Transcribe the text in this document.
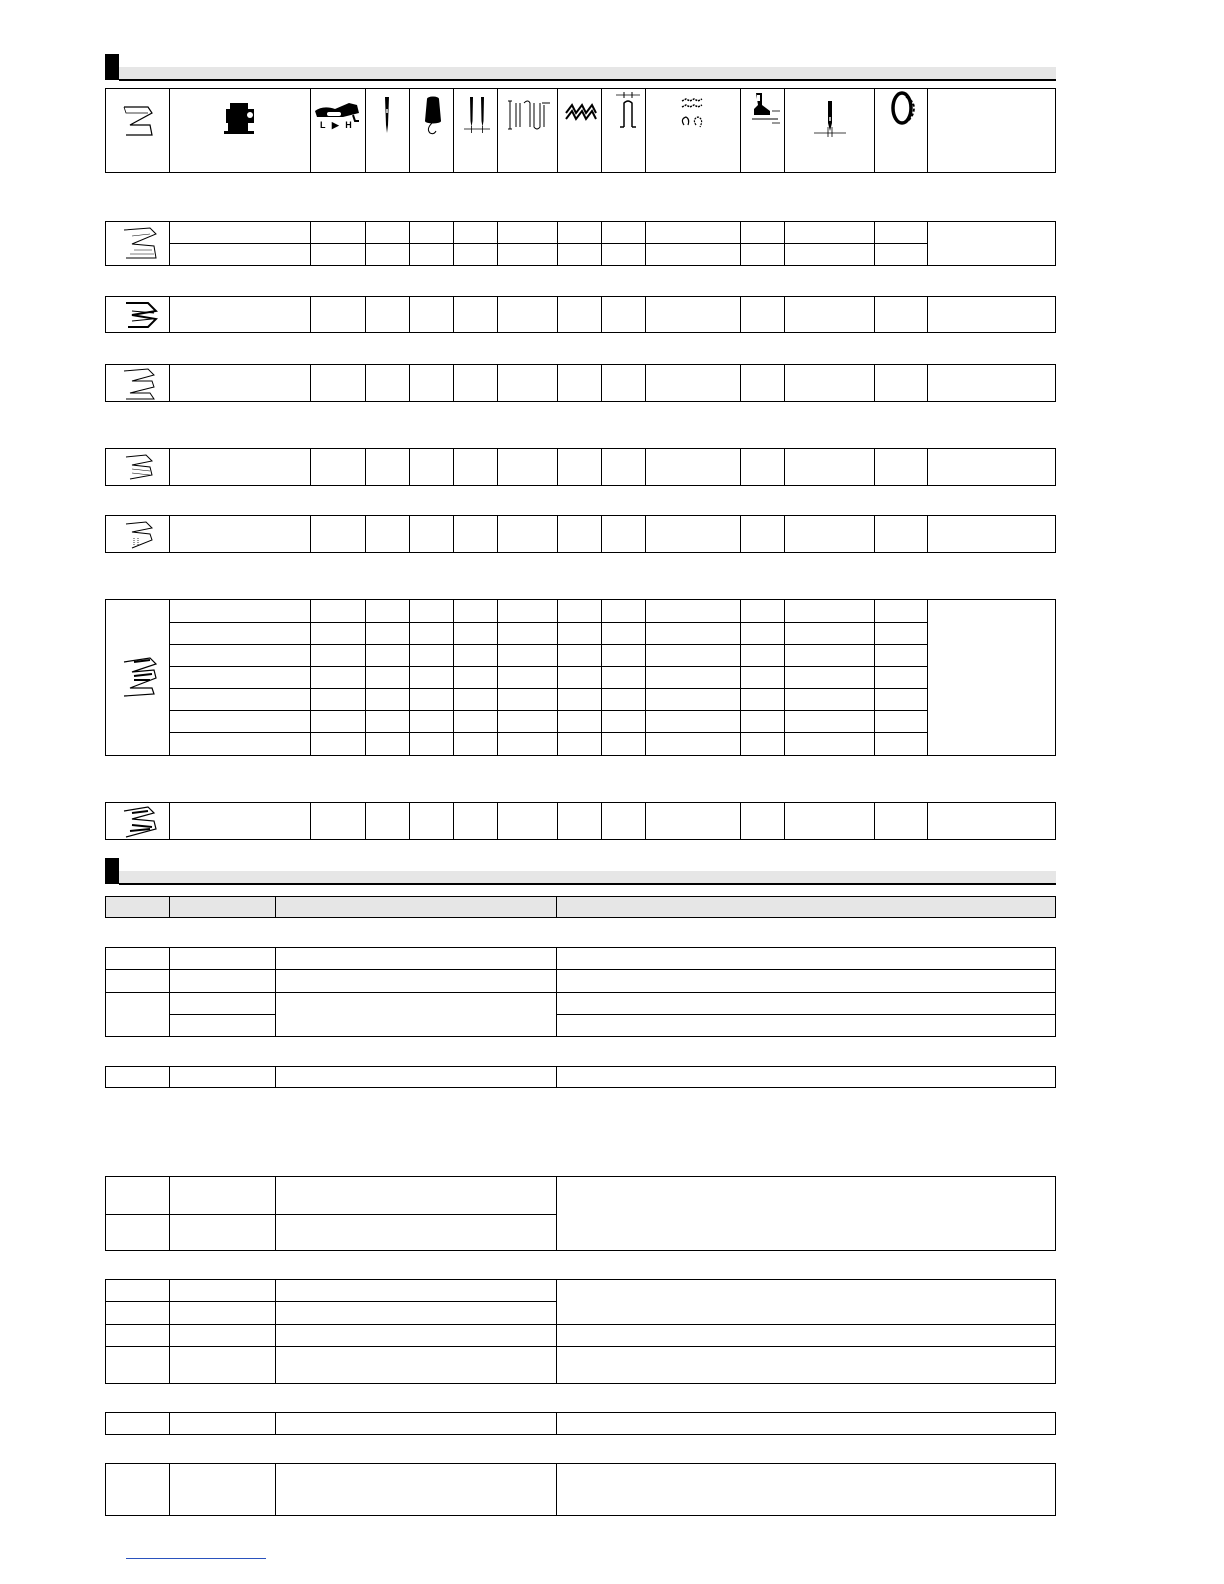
L ▶ H
